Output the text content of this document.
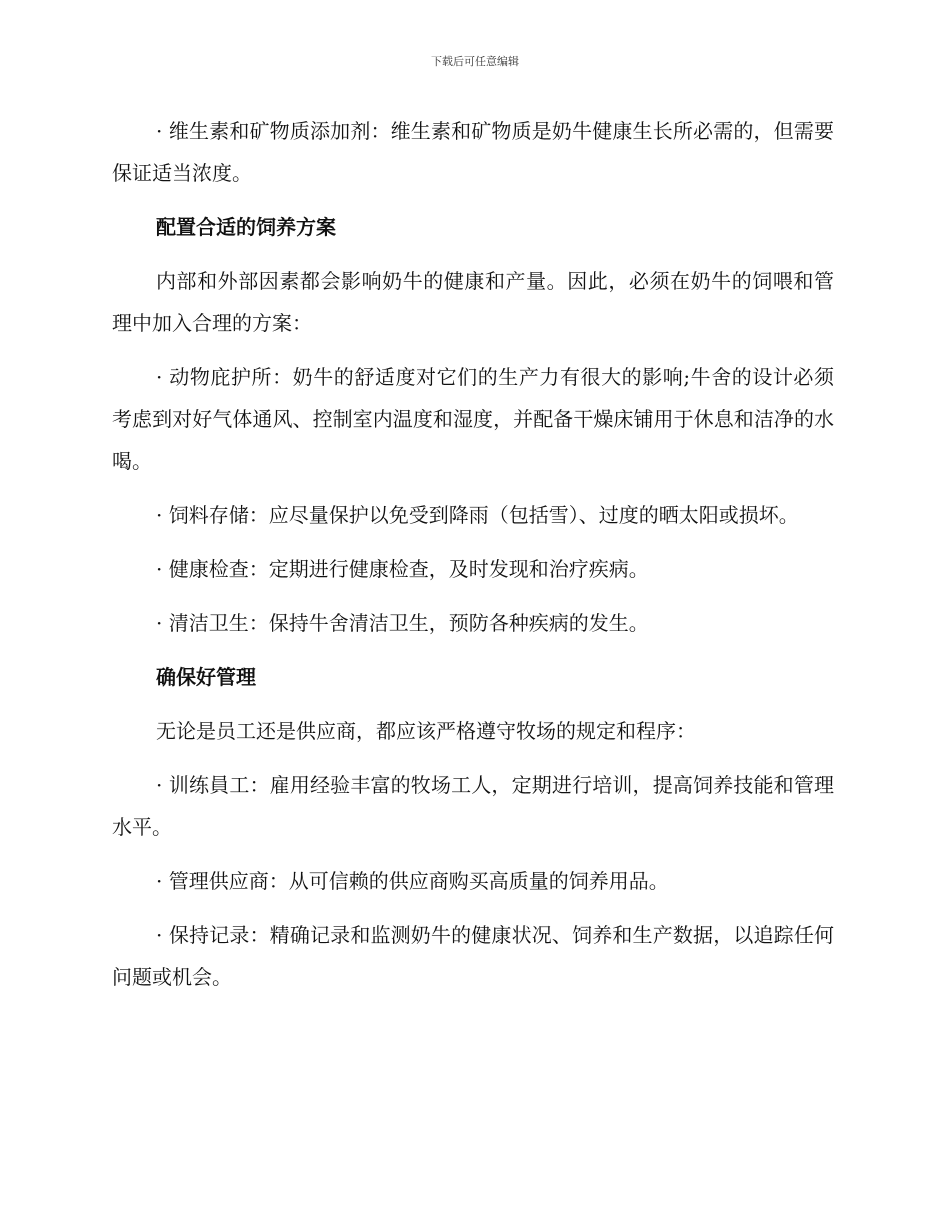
下载后可任意编辑

· 维生素和矿物质添加剂：维生素和矿物质是奶牛健康生长所必需的，但需要保证适当浓度。

配置合适的饲养方案

内部和外部因素都会影响奶牛的健康和产量。因此，必须在奶牛的饲喂和管理中加入合理的方案：

· 动物庇护所：奶牛的舒适度对它们的生产力有很大的影响;牛舍的设计必须考虑到对好气体通风、控制室内温度和湿度，并配备干燥床铺用于休息和洁净的水喝。

· 饲料存储：应尽量保护以免受到降雨（包括雪）、过度的晒太阳或损坏。

· 健康检查：定期进行健康检查，及时发现和治疗疾病。

· 清洁卫生：保持牛舍清洁卫生，预防各种疾病的发生。

确保好管理

无论是员工还是供应商，都应该严格遵守牧场的规定和程序：

· 训练員工：雇用经验丰富的牧场工人，定期进行培训，提高饲养技能和管理水平。

· 管理供应商：从可信赖的供应商购买高质量的饲养用品。

· 保持记录：精确记录和监测奶牛的健康状况、饲养和生产数据，以追踪任何问题或机会。
